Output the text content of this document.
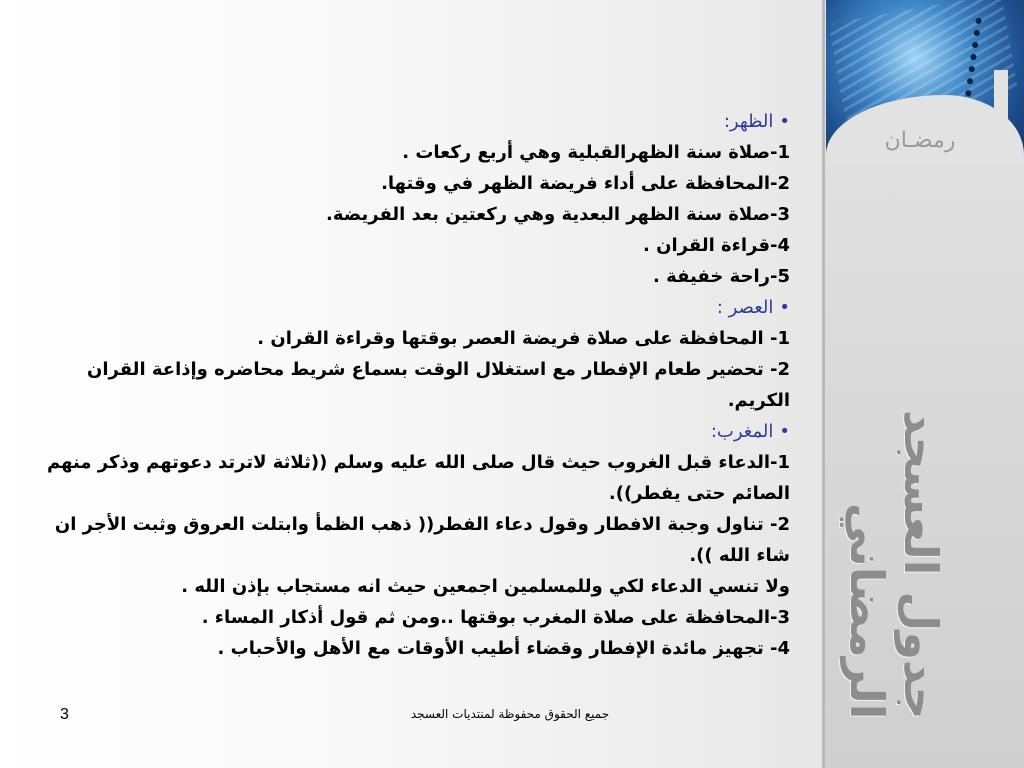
رمضـان
جدول العسجد الرمضاني

•الظهر:

1-صلاة سنة الظهرالقبلية وهي أربع ركعات .

2-المحافظة على أداء فريضة الظهر في وقتها.

3-صلاة سنة الظهر البعدية وهي ركعتين بعد الفريضة.

4-قراءة القران .

5-راحة خفيفة .

•العصر :

1- المحافظة على صلاة فريضة العصر بوقتها وقراءة القران .

2- تحضير طعام الإفطار مع استغلال الوقت بسماع شريط محاضره وإذاعة القران الكريم.

•المغرب:

1-الدعاء قبل الغروب حيث قال صلى الله عليه وسلم ((ثلاثة لاترتد دعوتهم وذكر منهم الصائم حتى يفطر)).

2- تناول وجبة الافطار وقول دعاء الفطر(( ذهب الظمأ وابتلت العروق وثبت الأجر ان شاء الله )).

ولا تنسي الدعاء لكي وللمسلمين اجمعين حيث انه مستجاب بإذن الله .

3-المحافظة على صلاة المغرب بوقتها ..ومن ثم قول أذكار المساء .

4- تجهيز مائدة الإفطار وقضاء أطيب الأوقات مع الأهل والأحباب .

جميع الحقوق محفوظة لمنتديات العسجد
3
